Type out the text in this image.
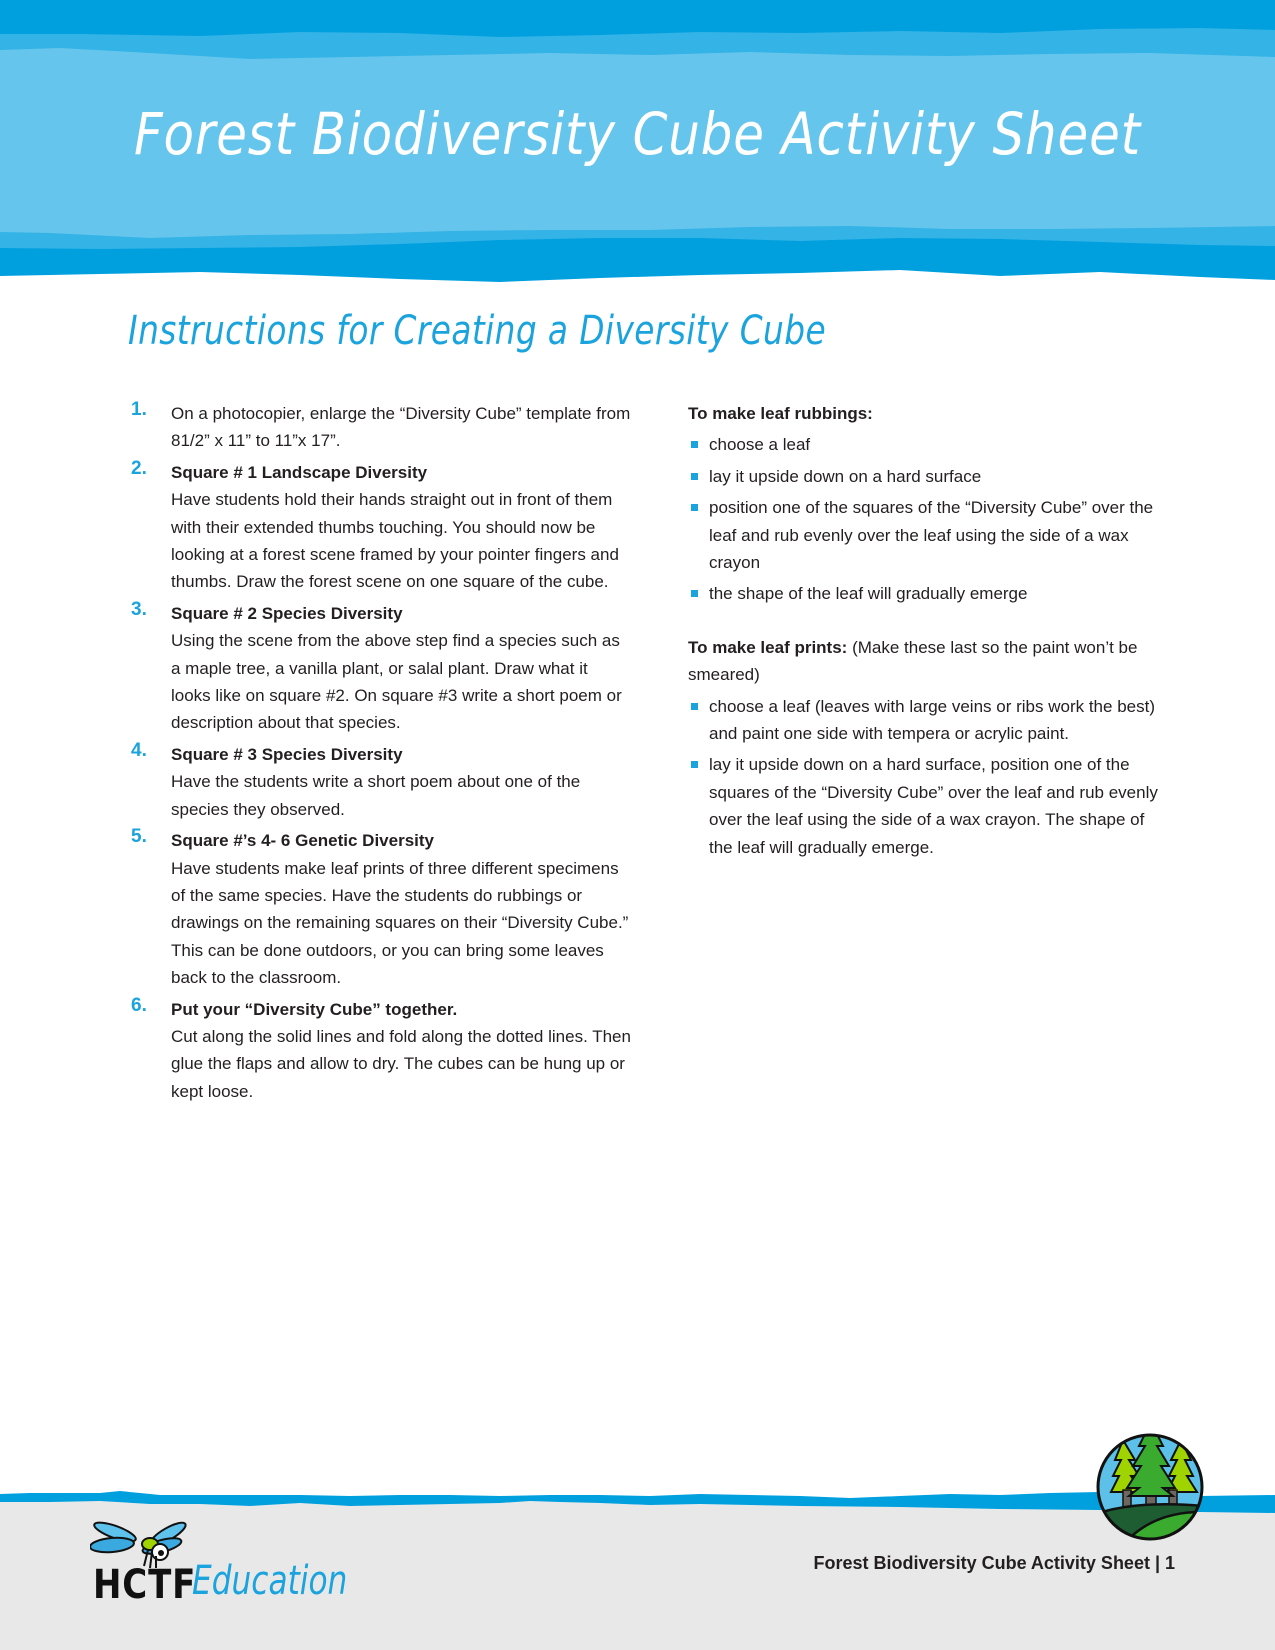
Forest Biodiversity Cube Activity Sheet
Instructions for Creating a Diversity Cube
1. On a photocopier, enlarge the “Diversity Cube” template from 81/2” x 11” to 11”x 17”.
2. Square # 1 Landscape Diversity
Have students hold their hands straight out in front of them with their extended thumbs touching. You should now be looking at a forest scene framed by your pointer fingers and thumbs. Draw the forest scene on one square of the cube.
3. Square # 2 Species Diversity
Using the scene from the above step find a species such as a maple tree, a vanilla plant, or salal plant. Draw what it looks like on square #2. On square #3 write a short poem or description about that species.
4. Square # 3 Species Diversity
Have the students write a short poem about one of the species they observed.
5. Square #’s 4- 6 Genetic Diversity
Have students make leaf prints of three different specimens of the same species. Have the students do rubbings or drawings on the remaining squares on their “Diversity Cube.” This can be done outdoors, or you can bring some leaves back to the classroom.
6. Put your “Diversity Cube” together.
Cut along the solid lines and fold along the dotted lines. Then glue the flaps and allow to dry. The cubes can be hung up or kept loose.
To make leaf rubbings:
choose a leaf
lay it upside down on a hard surface
position one of the squares of the “Diversity Cube” over the leaf and rub evenly over the leaf using the side of a wax crayon
the shape of the leaf will gradually emerge
To make leaf prints: (Make these last so the paint won’t be smeared)
choose a leaf (leaves with large veins or ribs work the best) and paint one side with tempera or acrylic paint.
lay it upside down on a hard surface, position one of the squares of the “Diversity Cube” over the leaf and rub evenly over the leaf using the side of a wax crayon. The shape of the leaf will gradually emerge.
Forest Biodiversity Cube Activity Sheet | 1
HCTF
Education
